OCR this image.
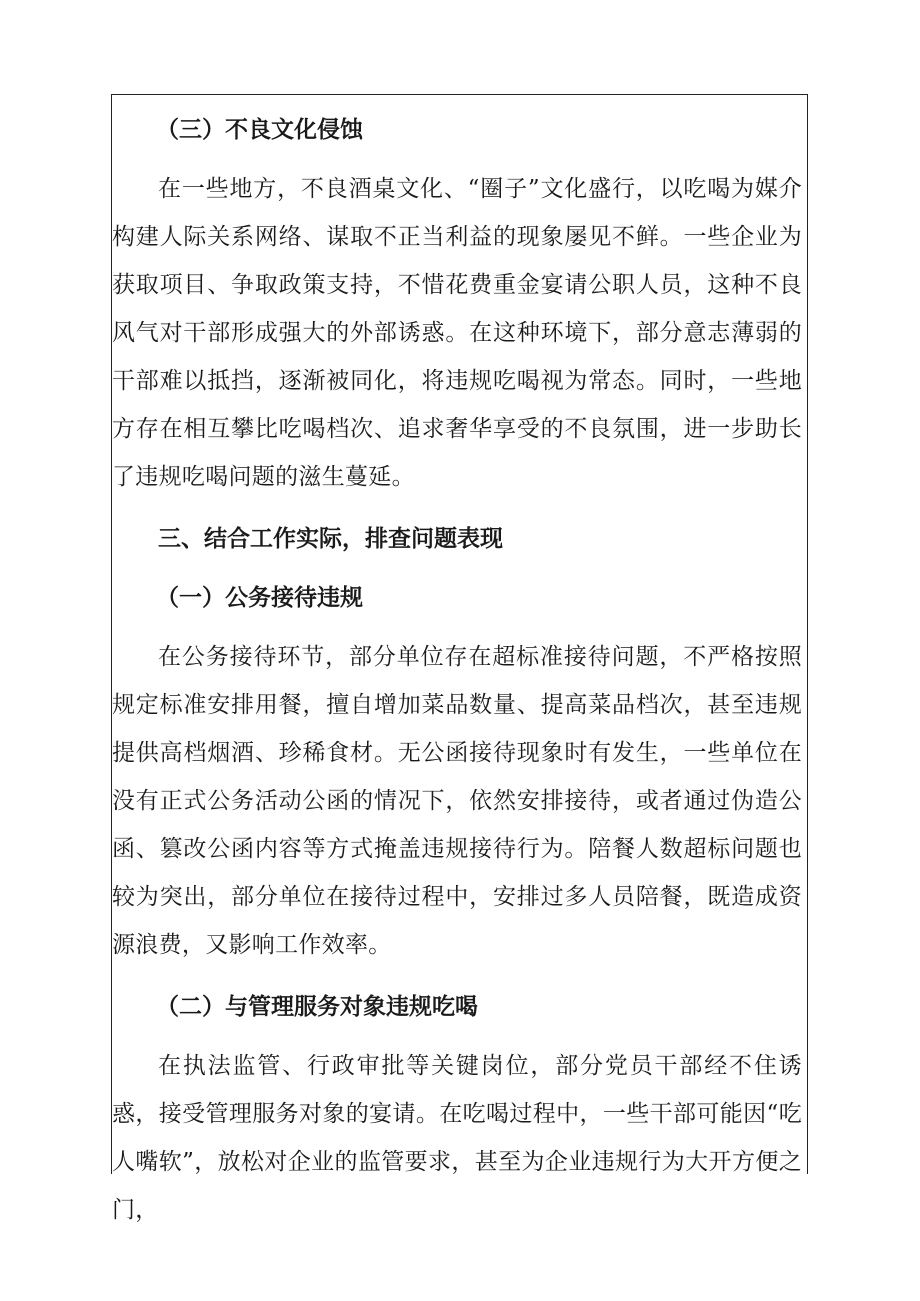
（三）不良文化侵蚀

在一些地方，不良酒桌文化、“圈子”文化盛行，以吃喝为媒介构建人际关系网络、谋取不正当利益的现象屡见不鲜。一些企业为获取项目、争取政策支持，不惜花费重金宴请公职人员，这种不良风气对干部形成强大的外部诱惑。在这种环境下，部分意志薄弱的干部难以抵挡，逐渐被同化，将违规吃喝视为常态。同时，一些地方存在相互攀比吃喝档次、追求奢华享受的不良氛围，进一步助长了违规吃喝问题的滋生蔓延。

三、结合工作实际，排查问题表现

（一）公务接待违规

在公务接待环节，部分单位存在超标准接待问题，不严格按照规定标准安排用餐，擅自增加菜品数量、提高菜品档次，甚至违规提供高档烟酒、珍稀食材。无公函接待现象时有发生，一些单位在没有正式公务活动公函的情况下，依然安排接待，或者通过伪造公函、篡改公函内容等方式掩盖违规接待行为。陪餐人数超标问题也较为突出，部分单位在接待过程中，安排过多人员陪餐，既造成资源浪费，又影响工作效率。

（二）与管理服务对象违规吃喝

在执法监管、行政审批等关键岗位，部分党员干部经不住诱惑，接受管理服务对象的宴请。在吃喝过程中，一些干部可能因“吃人嘴软”，放松对企业的监管要求，甚至为企业违规行为大开方便之门，
